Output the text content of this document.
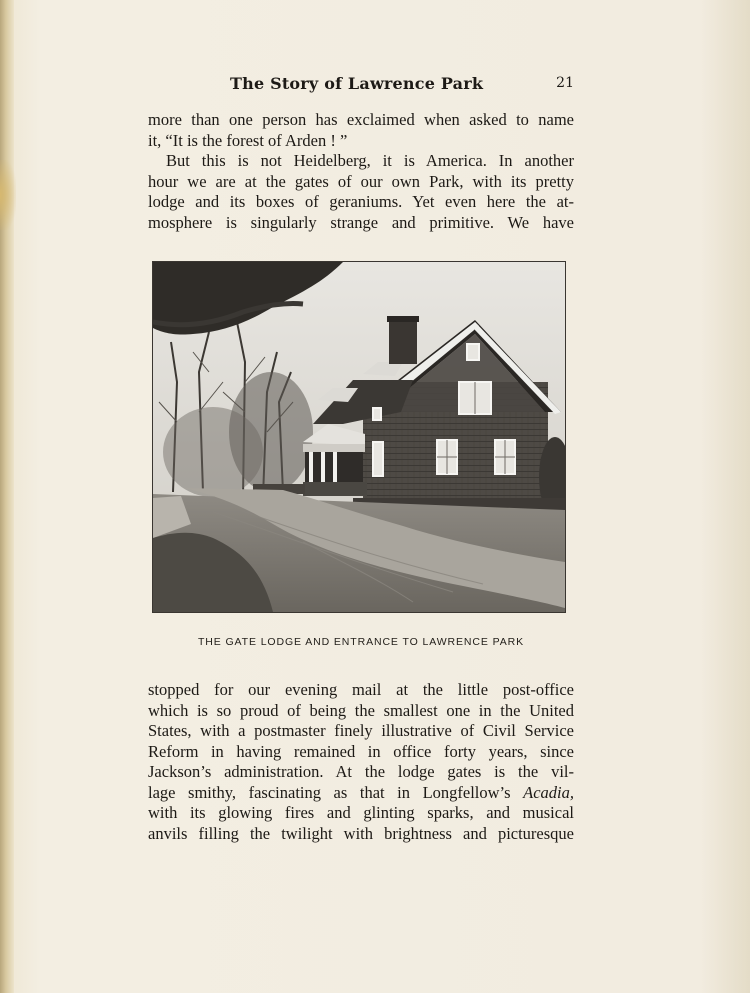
The Story of Lawrence Park	21
more than one person has exclaimed when asked to name
it, “It is the forest of Arden ! ”
But this is not Heidelberg, it is America. In another
hour we are at the gates of our own Park, with its pretty
lodge and its boxes of geraniums. Yet even here the at-
mosphere is singularly strange and primitive. We have
THE GATE LODGE AND ENTRANCE TO LAWRENCE PARK
stopped for our evening mail at the little post-office
which is so proud of being the smallest one in the United
States, with a postmaster finely illustrative of Civil Service
Reform in having remained in office forty years, since
Jackson’s administration. At the lodge gates is the vil-
lage smithy, fascinating as that in Longfellow’s Acadia,
with its glowing fires and glinting sparks, and musical
anvils filling the twilight with brightness and picturesque
